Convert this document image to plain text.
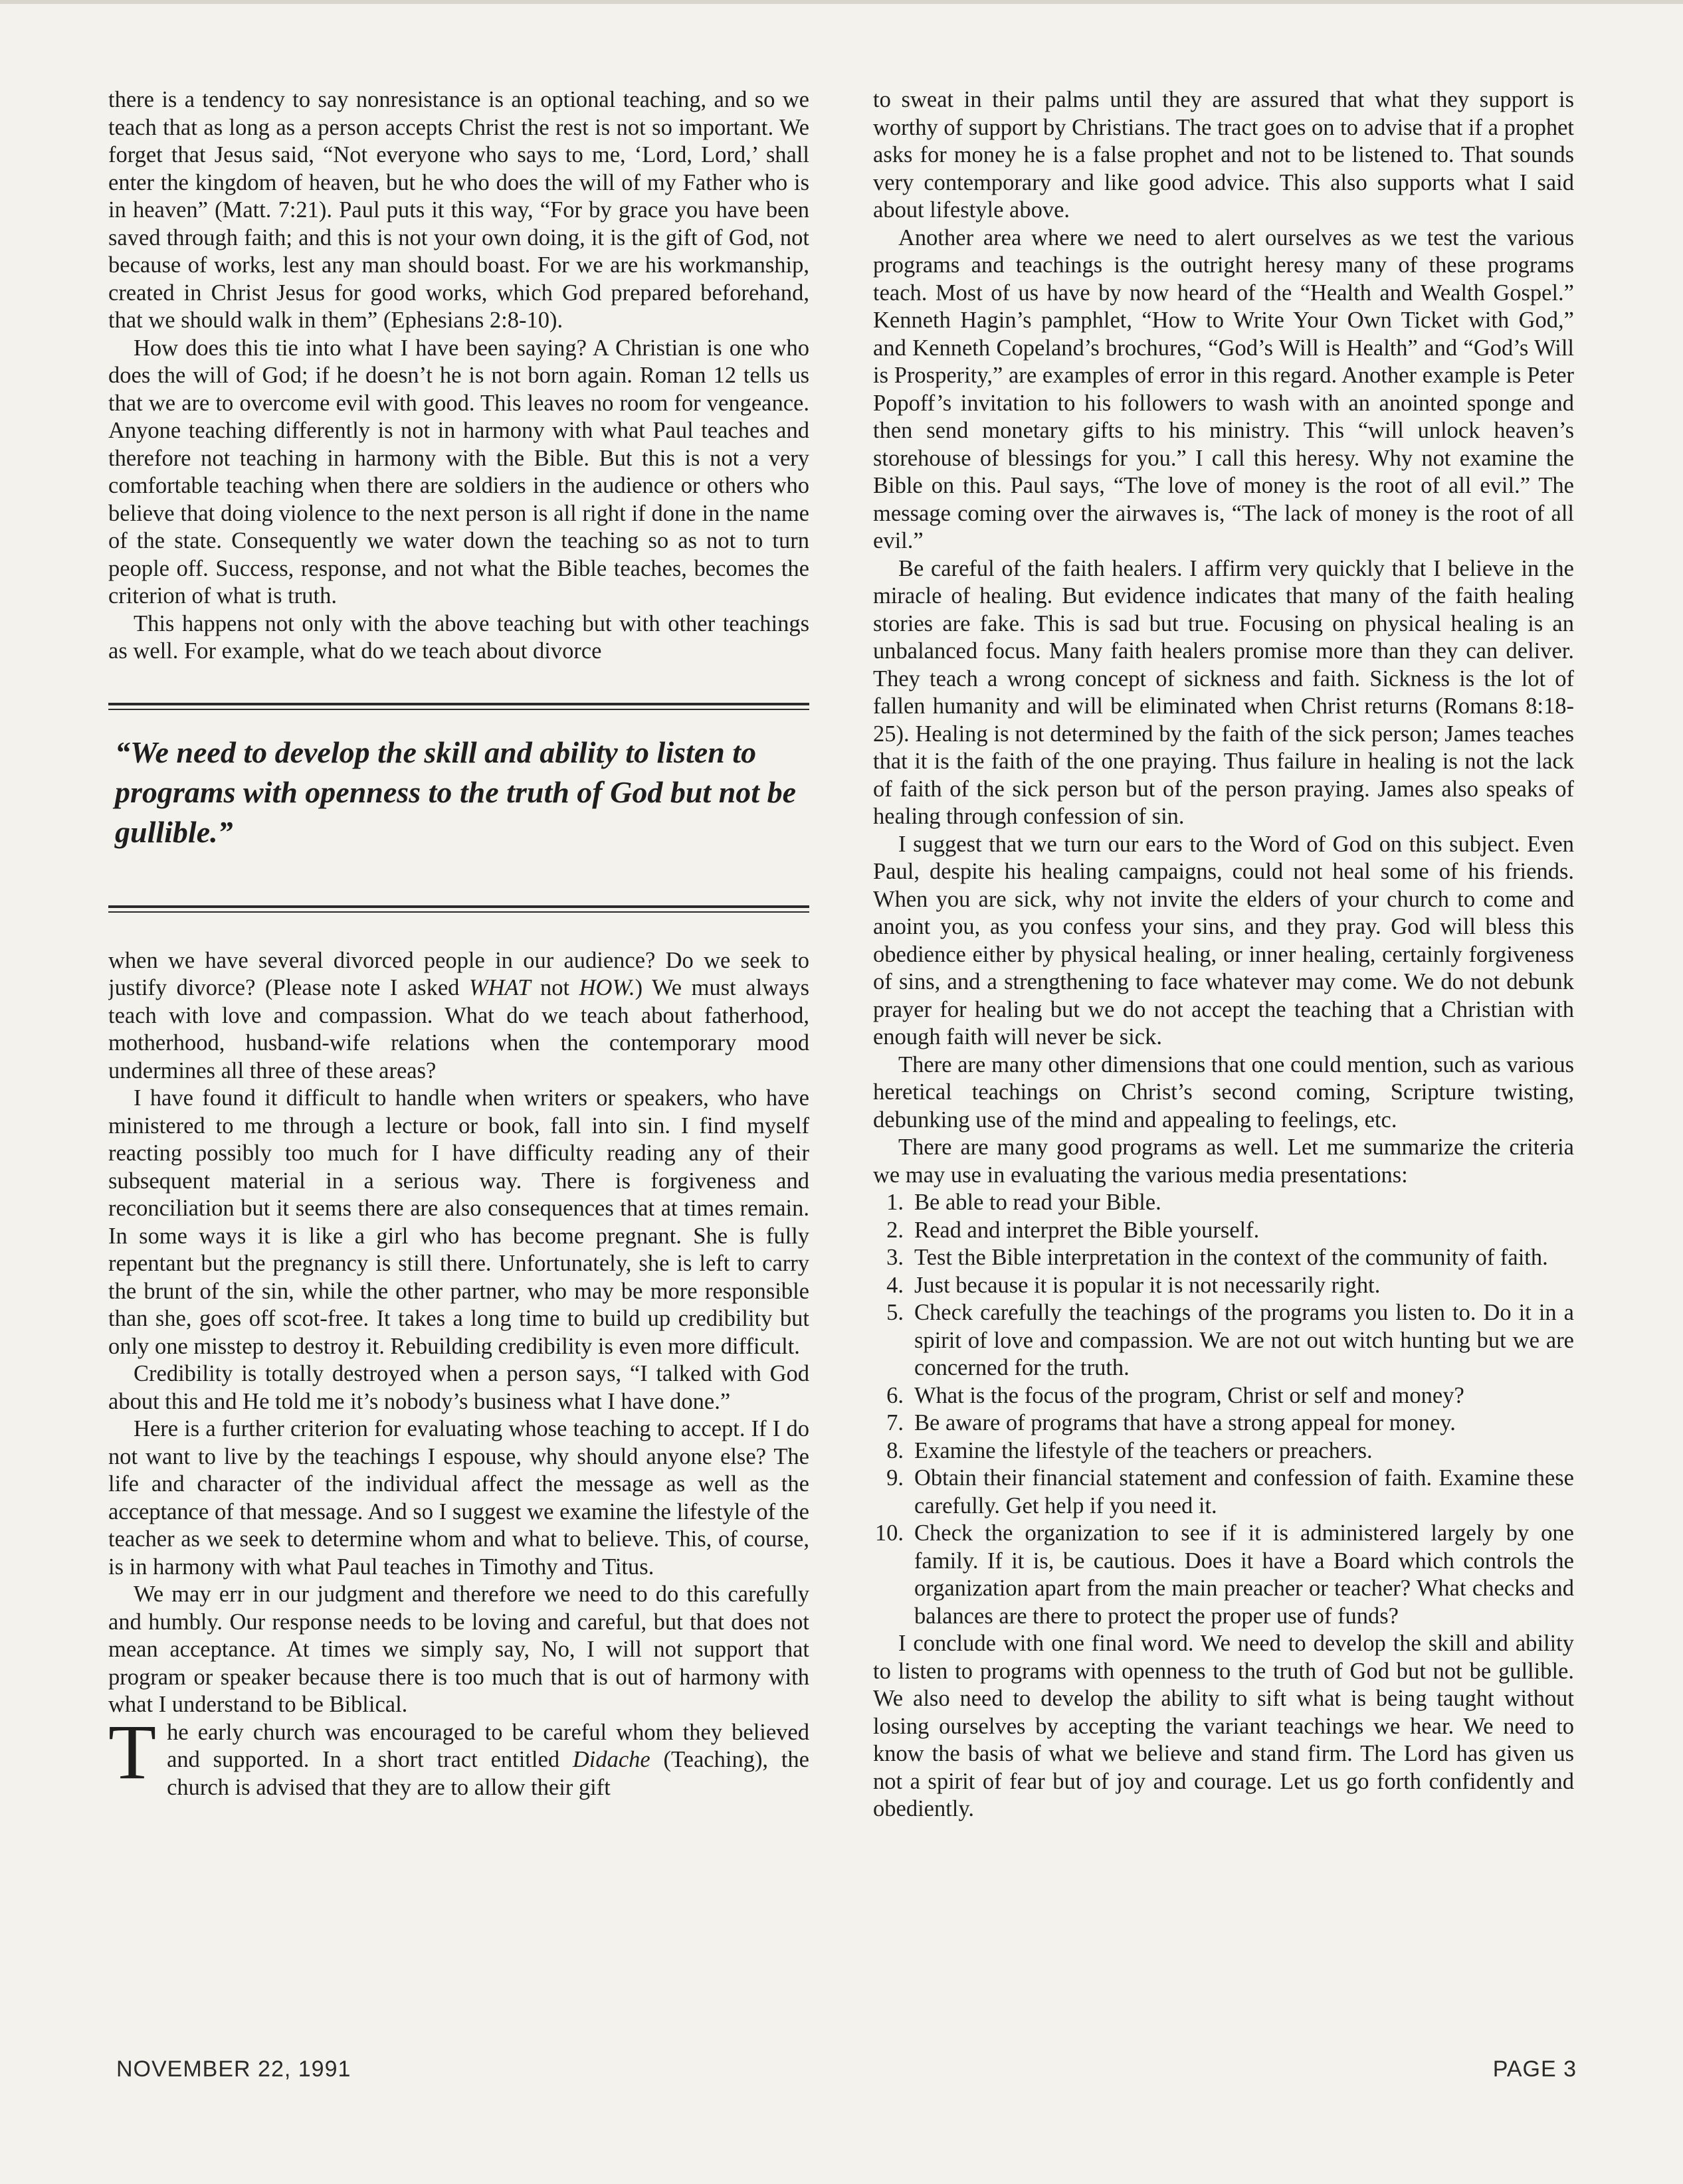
there is a tendency to say nonresistance is an optional teaching, and so we teach that as long as a person accepts Christ the rest is not so important. We forget that Jesus said, “Not everyone who says to me, ‘Lord, Lord,’ shall enter the kingdom of heaven, but he who does the will of my Father who is in heaven” (Matt. 7:21). Paul puts it this way, “For by grace you have been saved through faith; and this is not your own doing, it is the gift of God, not because of works, lest any man should boast. For we are his workmanship, created in Christ Jesus for good works, which God prepared beforehand, that we should walk in them” (Ephesians 2:8-10).

How does this tie into what I have been saying? A Christian is one who does the will of God; if he doesn’t he is not born again. Roman 12 tells us that we are to overcome evil with good. This leaves no room for vengeance. Anyone teaching differently is not in harmony with what Paul teaches and therefore not teaching in harmony with the Bible. But this is not a very comfortable teaching when there are soldiers in the audience or others who believe that doing violence to the next person is all right if done in the name of the state. Consequently we water down the teaching so as not to turn people off. Success, response, and not what the Bible teaches, becomes the criterion of what is truth.

This happens not only with the above teaching but with other teachings as well. For example, what do we teach about divorce

“We need to develop the skill and ability to listen to programs with openness to the truth of God but not be gullible.”

when we have several divorced people in our audience? Do we seek to justify divorce? (Please note I asked WHAT not HOW.) We must always teach with love and compassion. What do we teach about fatherhood, motherhood, husband-wife relations when the contemporary mood undermines all three of these areas?

I have found it difficult to handle when writers or speakers, who have ministered to me through a lecture or book, fall into sin. I find myself reacting possibly too much for I have difficulty reading any of their subsequent material in a serious way. There is forgiveness and reconciliation but it seems there are also consequences that at times remain. In some ways it is like a girl who has become pregnant. She is fully repentant but the pregnancy is still there. Unfortunately, she is left to carry the brunt of the sin, while the other partner, who may be more responsible than she, goes off scot-free. It takes a long time to build up credibility but only one misstep to destroy it. Rebuilding credibility is even more difficult.

Credibility is totally destroyed when a person says, “I talked with God about this and He told me it’s nobody’s business what I have done.”

Here is a further criterion for evaluating whose teaching to accept. If I do not want to live by the teachings I espouse, why should anyone else? The life and character of the individual affect the message as well as the acceptance of that message. And so I suggest we examine the lifestyle of the teacher as we seek to determine whom and what to believe. This, of course, is in harmony with what Paul teaches in Timothy and Titus.

We may err in our judgment and therefore we need to do this carefully and humbly. Our response needs to be loving and careful, but that does not mean acceptance. At times we simply say, No, I will not support that program or speaker because there is too much that is out of harmony with what I understand to be Biblical.

The early church was encouraged to be careful whom they believed and supported. In a short tract entitled Didache (Teaching), the church is advised that they are to allow their gift

to sweat in their palms until they are assured that what they support is worthy of support by Christians. The tract goes on to advise that if a prophet asks for money he is a false prophet and not to be listened to. That sounds very contemporary and like good advice. This also supports what I said about lifestyle above.

Another area where we need to alert ourselves as we test the various programs and teachings is the outright heresy many of these programs teach. Most of us have by now heard of the “Health and Wealth Gospel.” Kenneth Hagin’s pamphlet, “How to Write Your Own Ticket with God,” and Kenneth Copeland’s brochures, “God’s Will is Health” and “God’s Will is Prosperity,” are examples of error in this regard. Another example is Peter Popoff’s invitation to his followers to wash with an anointed sponge and then send monetary gifts to his ministry. This “will unlock heaven’s storehouse of blessings for you.” I call this heresy. Why not examine the Bible on this. Paul says, “The love of money is the root of all evil.” The message coming over the airwaves is, “The lack of money is the root of all evil.”

Be careful of the faith healers. I affirm very quickly that I believe in the miracle of healing. But evidence indicates that many of the faith healing stories are fake. This is sad but true. Focusing on physical healing is an unbalanced focus. Many faith healers promise more than they can deliver. They teach a wrong concept of sickness and faith. Sickness is the lot of fallen humanity and will be eliminated when Christ returns (Romans 8:18-25). Healing is not determined by the faith of the sick person; James teaches that it is the faith of the one praying. Thus failure in healing is not the lack of faith of the sick person but of the person praying. James also speaks of healing through confession of sin.

I suggest that we turn our ears to the Word of God on this subject. Even Paul, despite his healing campaigns, could not heal some of his friends. When you are sick, why not invite the elders of your church to come and anoint you, as you confess your sins, and they pray. God will bless this obedience either by physical healing, or inner healing, certainly forgiveness of sins, and a strengthening to face whatever may come. We do not debunk prayer for healing but we do not accept the teaching that a Christian with enough faith will never be sick.

There are many other dimensions that one could mention, such as various heretical teachings on Christ’s second coming, Scripture twisting, debunking use of the mind and appealing to feelings, etc.

There are many good programs as well. Let me summarize the criteria we may use in evaluating the various media presentations:

1. Be able to read your Bible.
2. Read and interpret the Bible yourself.
3. Test the Bible interpretation in the context of the community of faith.
4. Just because it is popular it is not necessarily right.
5. Check carefully the teachings of the programs you listen to. Do it in a spirit of love and compassion. We are not out witch hunting but we are concerned for the truth.
6. What is the focus of the program, Christ or self and money?
7. Be aware of programs that have a strong appeal for money.
8. Examine the lifestyle of the teachers or preachers.
9. Obtain their financial statement and confession of faith. Examine these carefully. Get help if you need it.
10. Check the organization to see if it is administered largely by one family. If it is, be cautious. Does it have a Board which controls the organization apart from the main preacher or teacher? What checks and balances are there to protect the proper use of funds?

I conclude with one final word. We need to develop the skill and ability to listen to programs with openness to the truth of God but not be gullible. We also need to develop the ability to sift what is being taught without losing ourselves by accepting the variant teachings we hear. We need to know the basis of what we believe and stand firm. The Lord has given us not a spirit of fear but of joy and courage. Let us go forth confidently and obediently.

NOVEMBER 22, 1991	PAGE 3
